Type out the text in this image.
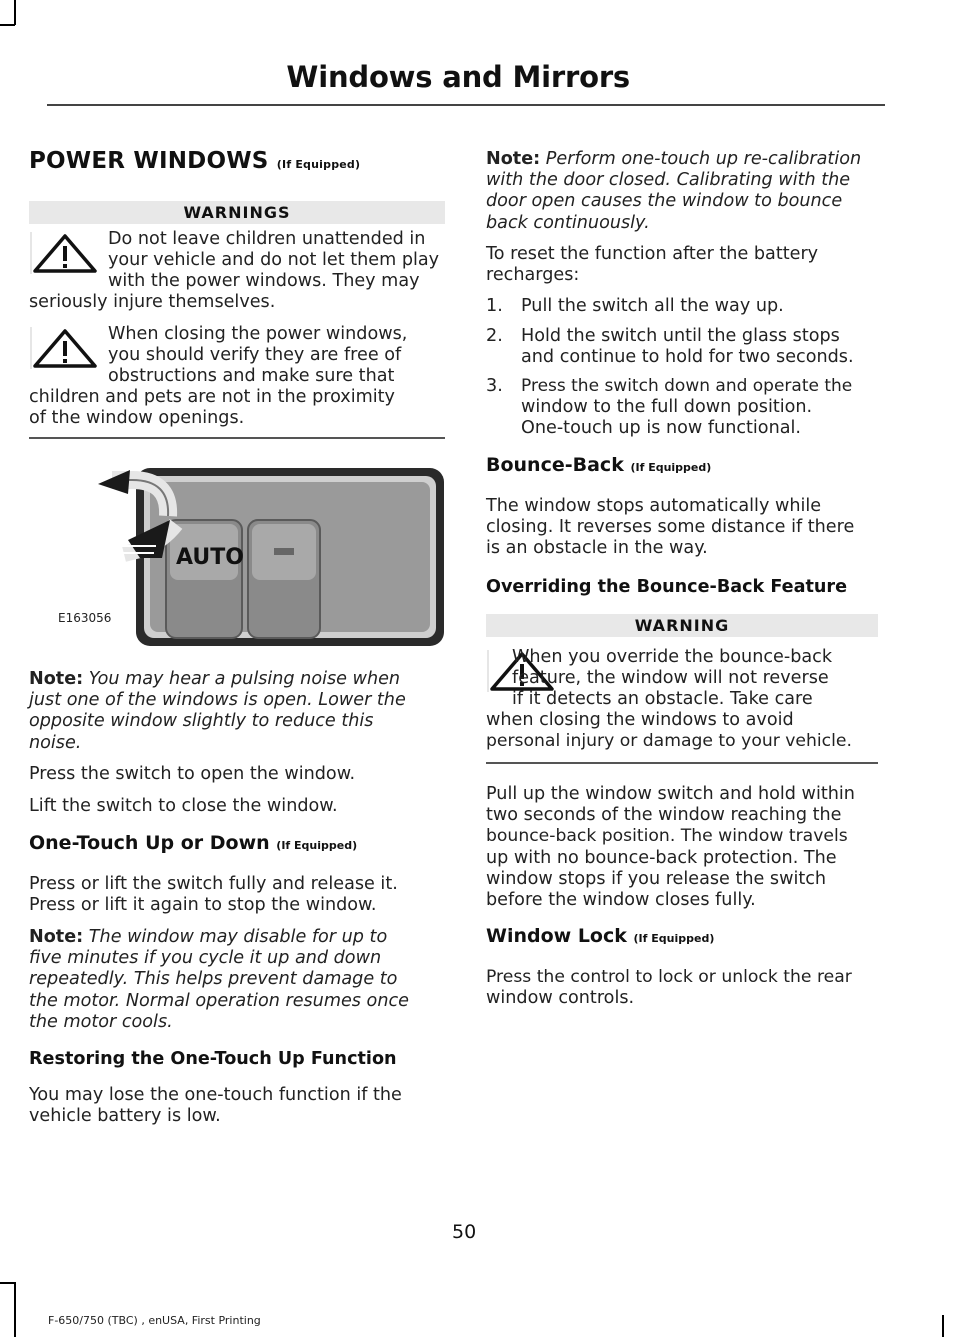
Windows and Mirrors
POWER WINDOWS (If Equipped)
WARNINGS
Do not leave children unattended in
your vehicle and do not let them play
with the power windows. They may
seriously injure themselves.
When closing the power windows,
you should verify they are free of
obstructions and make sure that
children and pets are not in the proximity
of the window openings.
AUTO
E163056

Note: You may hear a pulsing noise when

just one of the windows is open. Lower the

opposite window slightly to reduce this

noise.

Press the switch to open the window.

Lift the switch to close the window.

One-Touch Up or Down (If Equipped)

Press or lift the switch fully and release it.

Press or lift it again to stop the window.

Note: The window may disable for up to

five minutes if you cycle it up and down

repeatedly. This helps prevent damage to

the motor. Normal operation resumes once

the motor cools.

Restoring the One-Touch Up Function

You may lose the one-touch function if the

vehicle battery is low.

Note: Perform one-touch up re-calibration

with the door closed. Calibrating with the

door open causes the window to bounce

back continuously.

To reset the function after the battery

recharges:

1. Pull the switch all the way up.

2. Hold the switch until the glass stops

and continue to hold for two seconds.

3. Press the switch down and operate the

window to the full down position.

One-touch up is now functional.

Bounce-Back (If Equipped)

The window stops automatically while

closing. It reverses some distance if there

is an obstacle in the way.

Overriding the Bounce-Back Feature
WARNING
When you override the bounce-back
feature, the window will not reverse
if it detects an obstacle. Take care
when closing the windows to avoid
personal injury or damage to your vehicle.

Pull up the window switch and hold within

two seconds of the window reaching the

bounce-back position. The window travels

up with no bounce-back protection. The

window stops if you release the switch

before the window closes fully.

Window Lock (If Equipped)

Press the control to lock or unlock the rear

window controls.

50
F-650/750 (TBC) , enUSA, First Printing
